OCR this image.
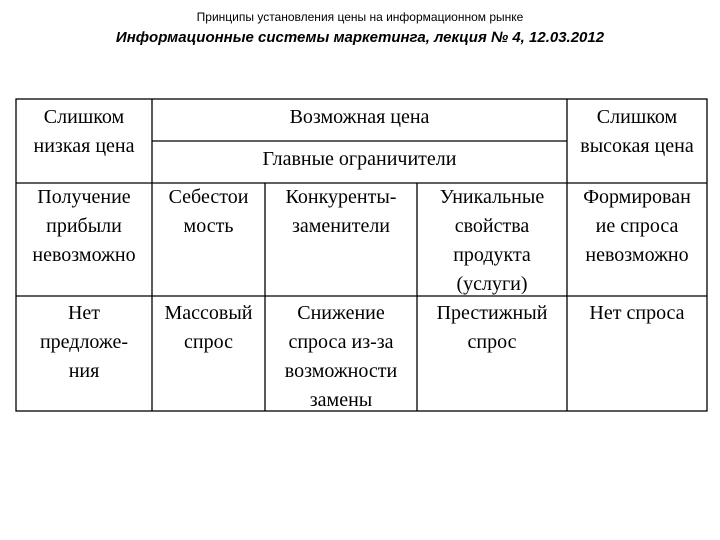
Принципы установления цены на информационном рынке
Информационные системы маркетинга, лекция № 4, 12.03.2012
Слишком
низкая цена
Возможная цена
Главные ограничители
Слишком
высокая цена
Получение
прибыли
невозможно
Себестои
мость
Конкуренты-
заменители
Уникальные
свойства
продукта
(услуги)
Формирован
ие спроса
невозможно
Нет
предложе-
ния
Массовый
спрос
Снижение
спроса из-за
возможности
замены
Престижный
спрос
Нет спроса
